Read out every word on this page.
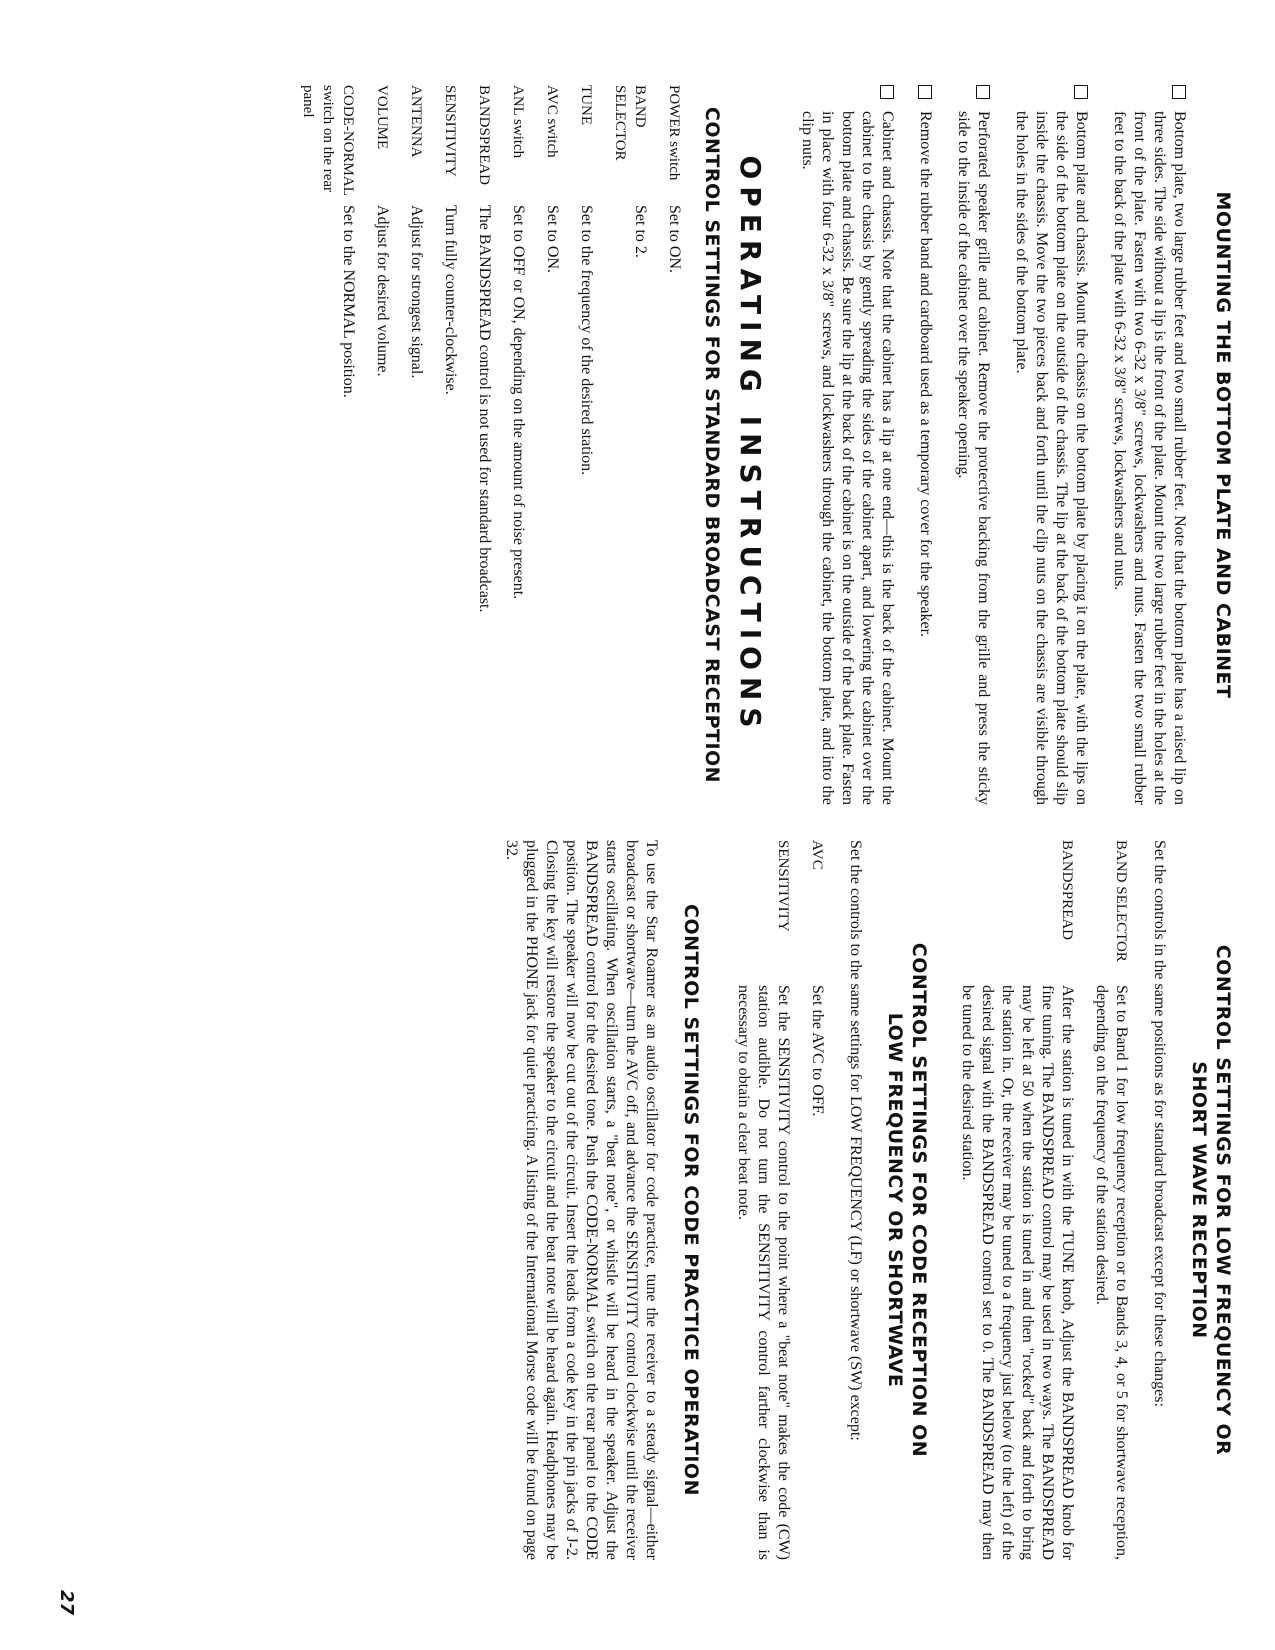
MOUNTING THE BOTTOM PLATE AND CABINET

Bottom plate, two large rubber feet and two small rubber feet. Note that the bottom plate has a raised lip on three sides. The side without a lip is the front of the plate. Mount the two large rubber feet in the holes at the front of the plate. Fasten with two 6-32 x 3/8" screws, lockwashers and nuts. Fasten the two small rubber feet to the back of the plate with 6-32 x 3/8" screws, lockwashers and nuts.

Bottom plate and chassis. Mount the chassis on the bottom plate by placing it on the plate, with the lips on the side of the bottom plate on the outside of the chassis. The lip at the back of the bottom plate should slip inside the chassis. Move the two pieces back and forth until the clip nuts on the chassis are visible through the holes in the sides of the bottom plate.

Perforated speaker grille and cabinet. Remove the protective backing from the grille and press the sticky side to the inside of the cabinet over the speaker opening.

Remove the rubber band and cardboard used as a temporary cover for the speaker.

Cabinet and chassis. Note that the cabinet has a lip at one end—this is the back of the cabinet. Mount the cabinet to the chassis by gently spreading the sides of the cabinet apart, and lowering the cabinet over the bottom plate and chassis. Be sure the lip at the back of the cabinet is on the outside of the back plate. Fasten in place with four 6-32 x 3/8" screws, and lockwashers through the cabinet, the bottom plate, and into the clip nuts.

OPERATING INSTRUCTIONS
CONTROL SETTINGS FOR STANDARD BROADCAST RECEPTION
POWER switch
Set to ON.
BAND SELECTOR
Set to 2.
TUNE
Set to the frequency of the desired station.
AVC switch
Set to ON.
ANL switch
Set to OFF or ON, depending on the amount of noise present.
BANDSPREAD
The BANDSPREAD control is not used for standard broadcast.
SENSITIVITY
Turn fully counter-clockwise.
ANTENNA
Adjust for strongest signal.
VOLUME
Adjust for desired volume.
CODE-NORMAL switch on the rear panel
Set to the NORMAL position.
CONTROL SETTINGS FOR LOW FREQUENCY OR
SHORT WAVE RECEPTION

Set the controls in the same positions as for standard broadcast except for these changes:

BAND SELECTOR
Set to Band 1 for low frequency reception or to Bands 3, 4, or 5 for shortwave reception, depending on the frequency of the station desired.
BANDSPREAD
After the station is tuned in with the TUNE knob, Adjust the BANDSPREAD knob for fine tuning. The BANDSPREAD control may be used in two ways. The BANDSPREAD may be left at 50 when the station is tuned in and then "rocked" back and forth to bring the station in. Or, the receiver may be tuned to a frequency just below (to the left) of the desired signal with the BANDSPREAD control set to 0. The BANDSPREAD may then be tuned to the desired station.
CONTROL SETTINGS FOR CODE RECEPTION ON
LOW FREQUENCY OR SHORTWAVE

Set the controls to the same settings for LOW FREQUENCY (LF) or shortwave (SW) except:

AVC
Set the AVC to OFF.
SENSITIVITY
Set the SENSITIVITY control to the point where a "beat note" makes the code (CW) station audible. Do not turn the SENSITIVITY control farther clockwise than is necessary to obtain a clear beat note.
CONTROL SETTINGS FOR CODE PRACTICE OPERATION

To use the Star Roamer as an audio oscillator for code practice, tune the receiver to a steady signal—either broadcast or shortwave—turn the AVC off, and advance the SENSITIVITY control clockwise until the receiver starts oscillating. When oscillation starts, a "beat note", or whistle will be heard in the speaker. Adjust the BANDSPREAD control for the desired tone. Push the CODE-NORMAL switch on the rear panel to the CODE position. The speaker will now be cut out of the circuit. Insert the leads from a code key in the pin jacks of J-2. Closing the key will restore the speaker to the circuit and the beat note will be heard again. Headphones may be plugged in the PHONE jack for quiet practicing. A listing of the International Morse code will be found on page 32.

27
